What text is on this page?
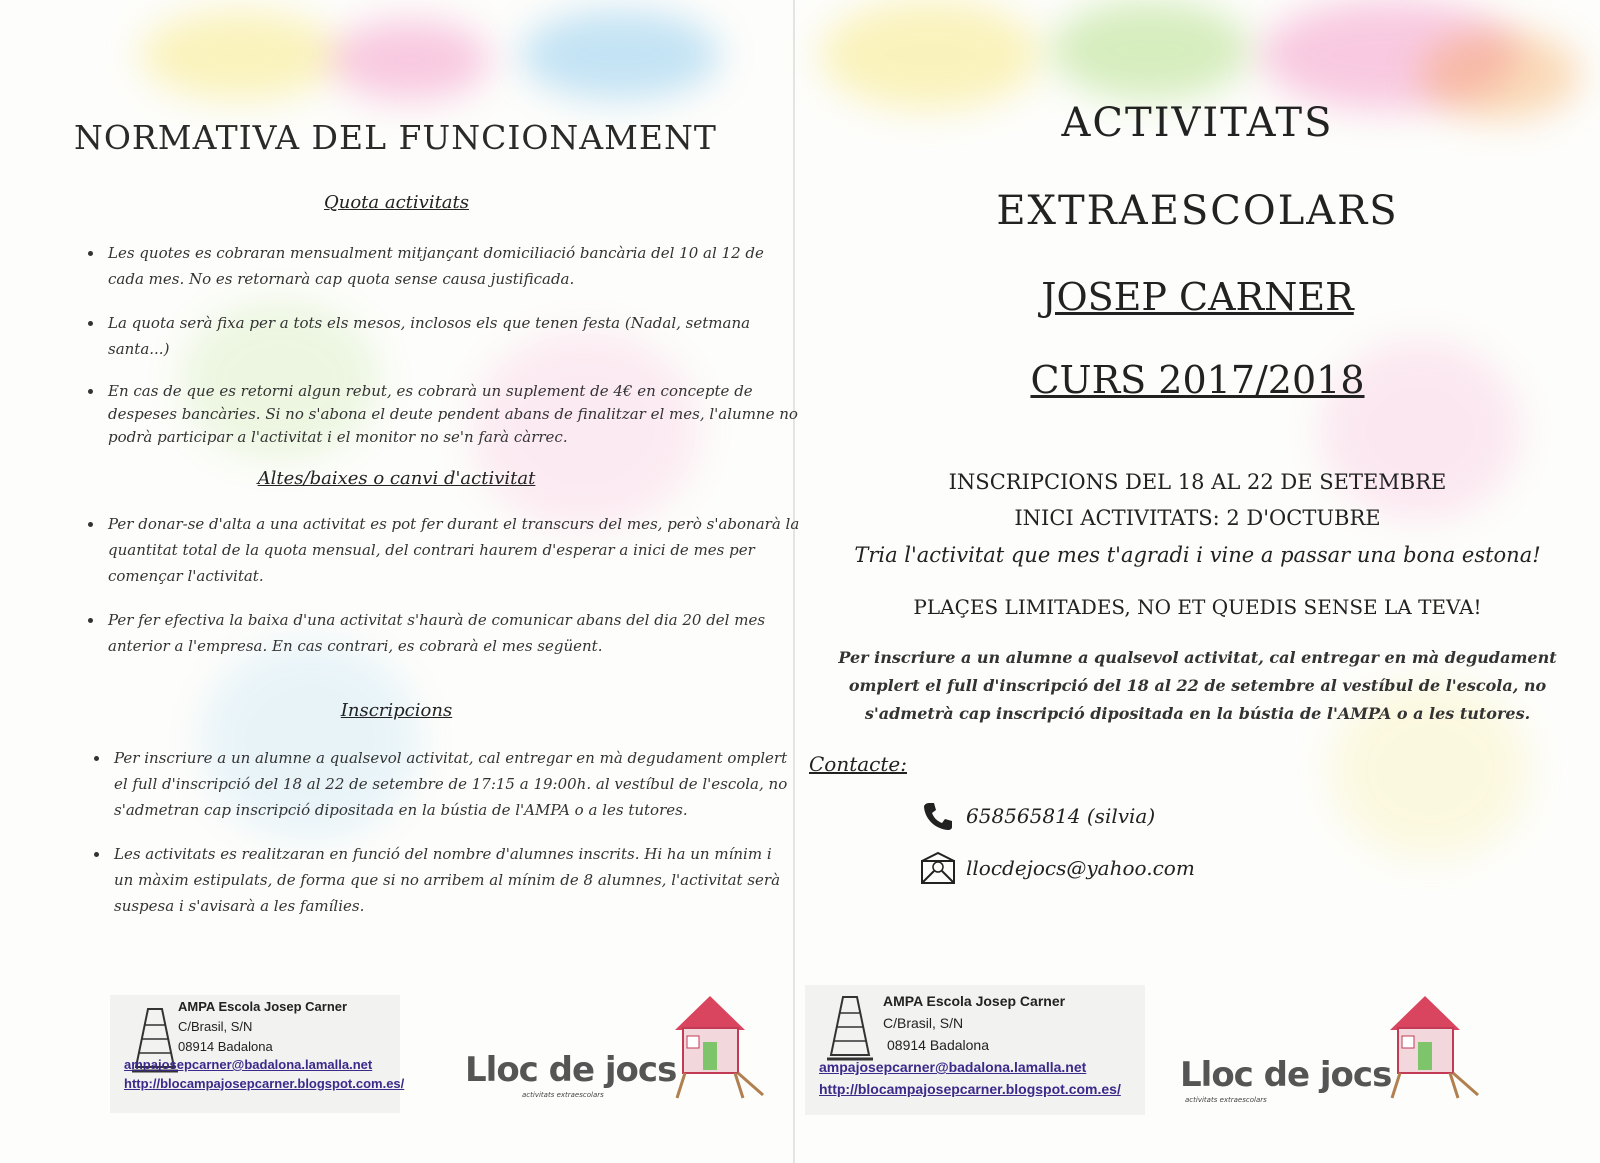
NORMATIVA DEL FUNCIONAMENT
Quota activitats
• Les quotes es cobraran mensualment mitjançant domiciliació bancària del 10 al 12 de cada mes. No es retornarà cap quota sense causa justificada.
• La quota serà fixa per a tots els mesos, inclosos els que tenen festa (Nadal, setmana santa...)
• En cas de que es retorni algun rebut, es cobrarà un suplement de 4€ en concepte de despeses bancàries. Si no s'abona el deute pendent abans de finalitzar el mes, l'alumne no podrà participar a l'activitat i el monitor no se'n farà càrrec.
Altes/baixes o canvi d'activitat
• Per donar-se d'alta a una activitat es pot fer durant el transcurs del mes, però s'abonarà la quantitat total de la quota mensual, del contrari haurem d'esperar a inici de mes per començar l'activitat.
• Per fer efectiva la baixa d'una activitat s'haurà de comunicar abans del dia 20 del mes anterior a l'empresa. En cas contrari, es cobrarà el mes següent.
Inscripcions
• Per inscriure a un alumne a qualsevol activitat, cal entregar en mà degudament omplert el full d'inscripció del 18 al 22 de setembre de 17:15 a 19:00h. al vestíbul de l'escola, no s'admetran cap inscripció dipositada en la bústia de l'AMPA o a les tutores.
• Les activitats es realitzaran en funció del nombre d'alumnes inscrits. Hi ha un mínim i un màxim estipulats, de forma que si no arribem al mínim de 8 alumnes, l'activitat serà suspesa i s'avisarà a les famílies.
AMPA Escola Josep Carner
C/Brasil, S/N
08914 Badalona
ampajosepcarner@badalona.lamalla.net
http://blocampajosepcarner.blogspot.com.es/ Lloc de jocs
activitats extraescolars
ACTIVITATS
EXTRAESCOLARS
JOSEP CARNER
CURS 2017/2018
INSCRIPCIONS DEL 18 AL 22 DE SETEMBRE
INICI ACTIVITATS: 2 D'OCTUBRE
Tria l'activitat que mes t'agradi i vine a passar una bona estona!
PLAÇES LIMITADES, NO ET QUEDIS SENSE LA TEVA!
Per inscriure a un alumne a qualsevol activitat, cal entregar en mà degudament omplert el full d'inscripció del 18 al 22 de setembre al vestíbul de l'escola, no s'admetrà cap inscripció dipositada en la bústia de l'AMPA o a les tutores.
Contacte:
658565814 (silvia)
llocdejocs@yahoo.com
AMPA Escola Josep Carner
C/Brasil, S/N
08914 Badalona
ampajosepcarner@badalona.lamalla.net
http://blocampajosepcarner.blogspot.com.es/ Lloc de jocs
activitats extraescolars
